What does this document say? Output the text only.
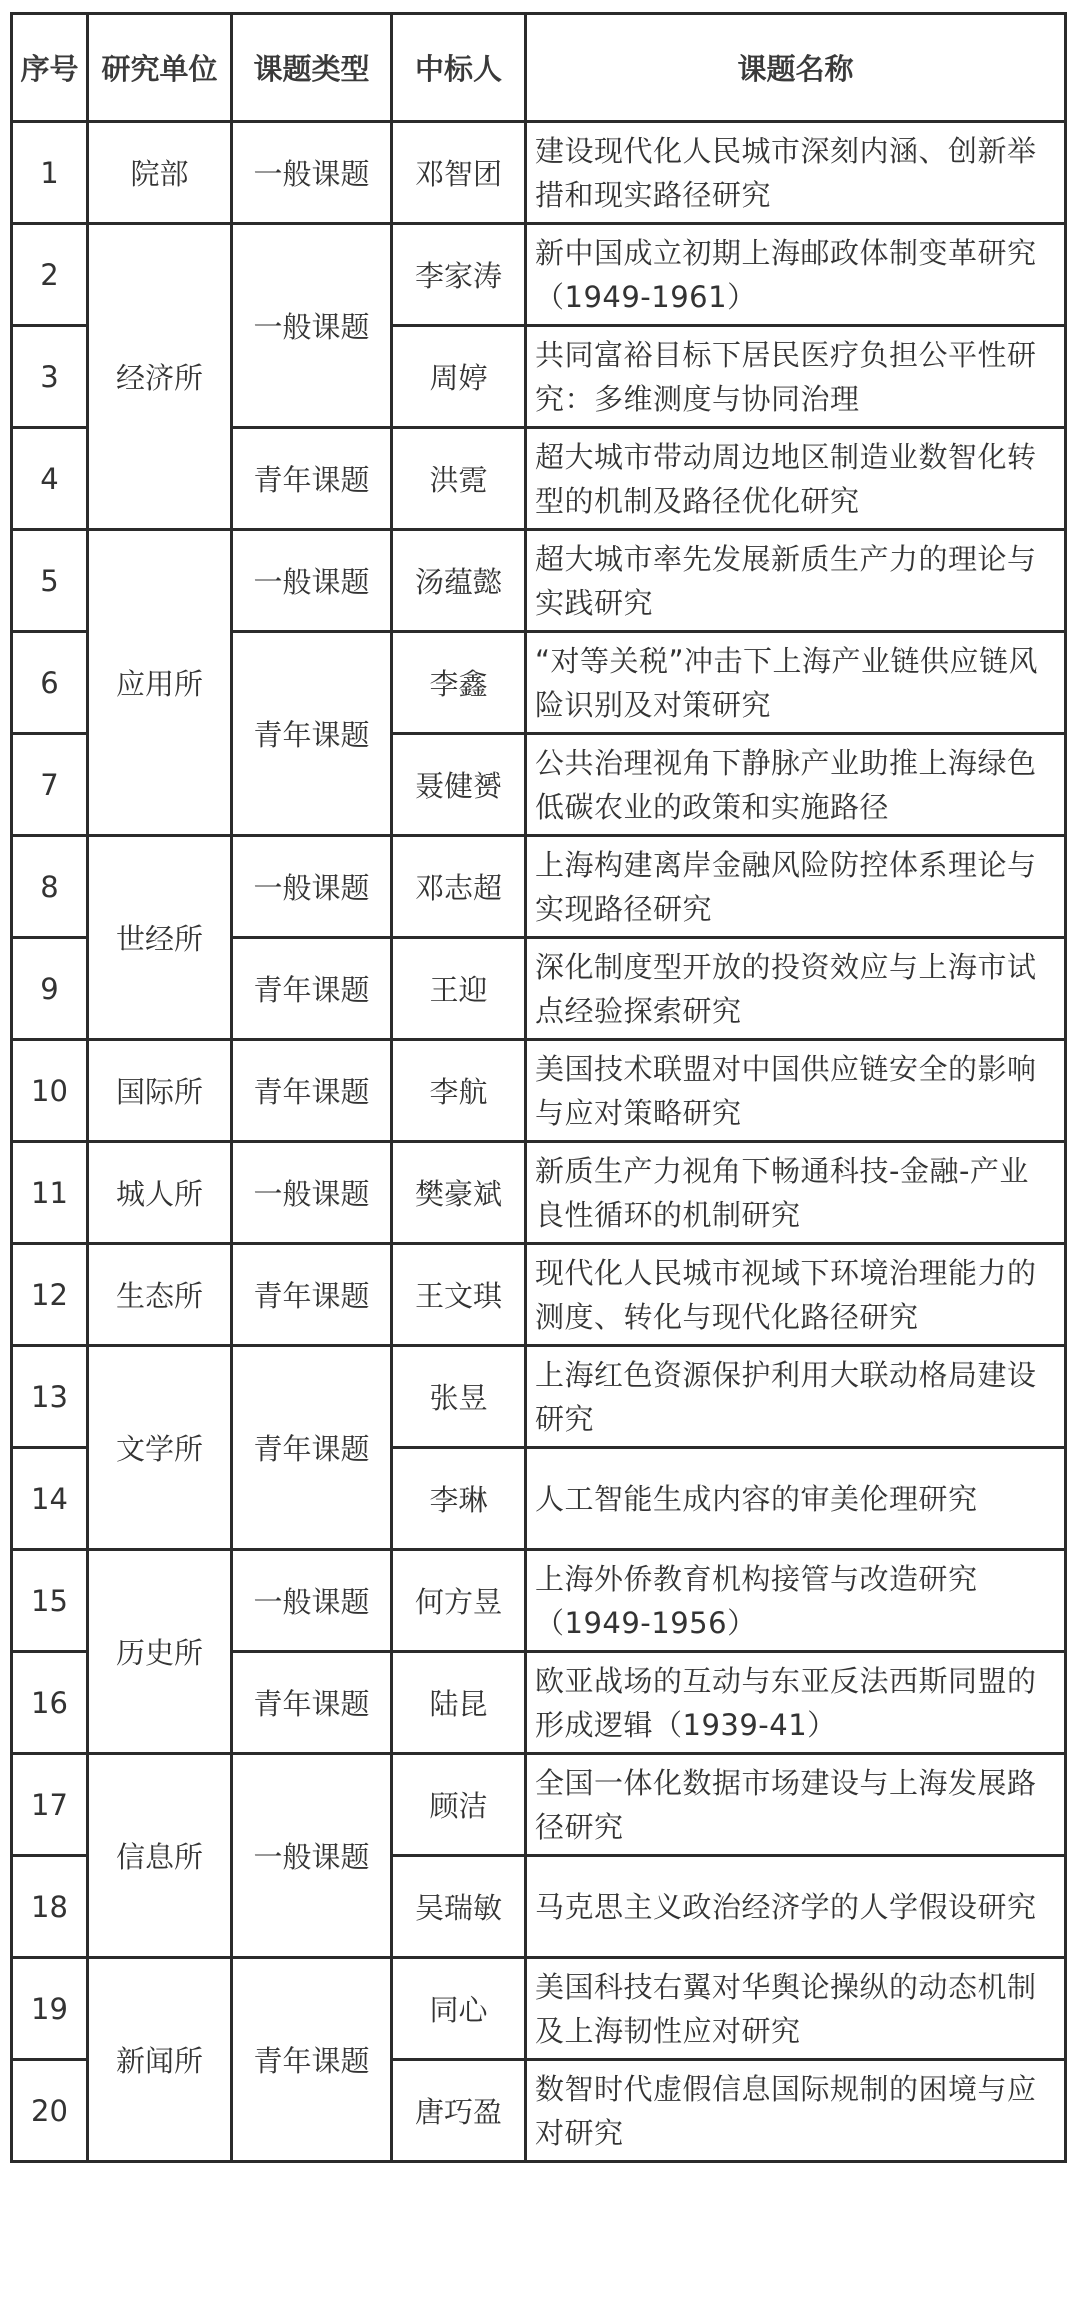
序号	研究单位	课题类型	中标人	课题名称
1	院部	一般课题	邓智团	建设现代化人民城市深刻内涵、创新举措和现实路径研究
2	经济所	一般课题	李家涛	新中国成立初期上海邮政体制变革研究（1949-1961）
3			周婷	共同富裕目标下居民医疗负担公平性研究：多维测度与协同治理
4		青年课题	洪霓	超大城市带动周边地区制造业数智化转型的机制及路径优化研究
5	应用所	一般课题	汤蕴懿	超大城市率先发展新质生产力的理论与实践研究
6		青年课题	李鑫	“对等关税”冲击下上海产业链供应链风险识别及对策研究
7			聂健赟	公共治理视角下静脉产业助推上海绿色低碳农业的政策和实施路径
8	世经所	一般课题	邓志超	上海构建离岸金融风险防控体系理论与实现路径研究
9		青年课题	王迎	深化制度型开放的投资效应与上海市试点经验探索研究
10	国际所	青年课题	李航	美国技术联盟对中国供应链安全的影响与应对策略研究
11	城人所	一般课题	樊豪斌	新质生产力视角下畅通科技-金融-产业良性循环的机制研究
12	生态所	青年课题	王文琪	现代化人民城市视域下环境治理能力的测度、转化与现代化路径研究
13	文学所	青年课题	张昱	上海红色资源保护利用大联动格局建设研究
14			李琳	人工智能生成内容的审美伦理研究
15	历史所	一般课题	何方昱	上海外侨教育机构接管与改造研究（1949-1956）
16		青年课题	陆昆	欧亚战场的互动与东亚反法西斯同盟的形成逻辑（1939-41）
17	信息所	一般课题	顾洁	全国一体化数据市场建设与上海发展路径研究
18			吴瑞敏	马克思主义政治经济学的人学假设研究
19	新闻所	青年课题	同心	美国科技右翼对华舆论操纵的动态机制及上海韧性应对研究
20			唐巧盈	数智时代虚假信息国际规制的困境与应对研究
